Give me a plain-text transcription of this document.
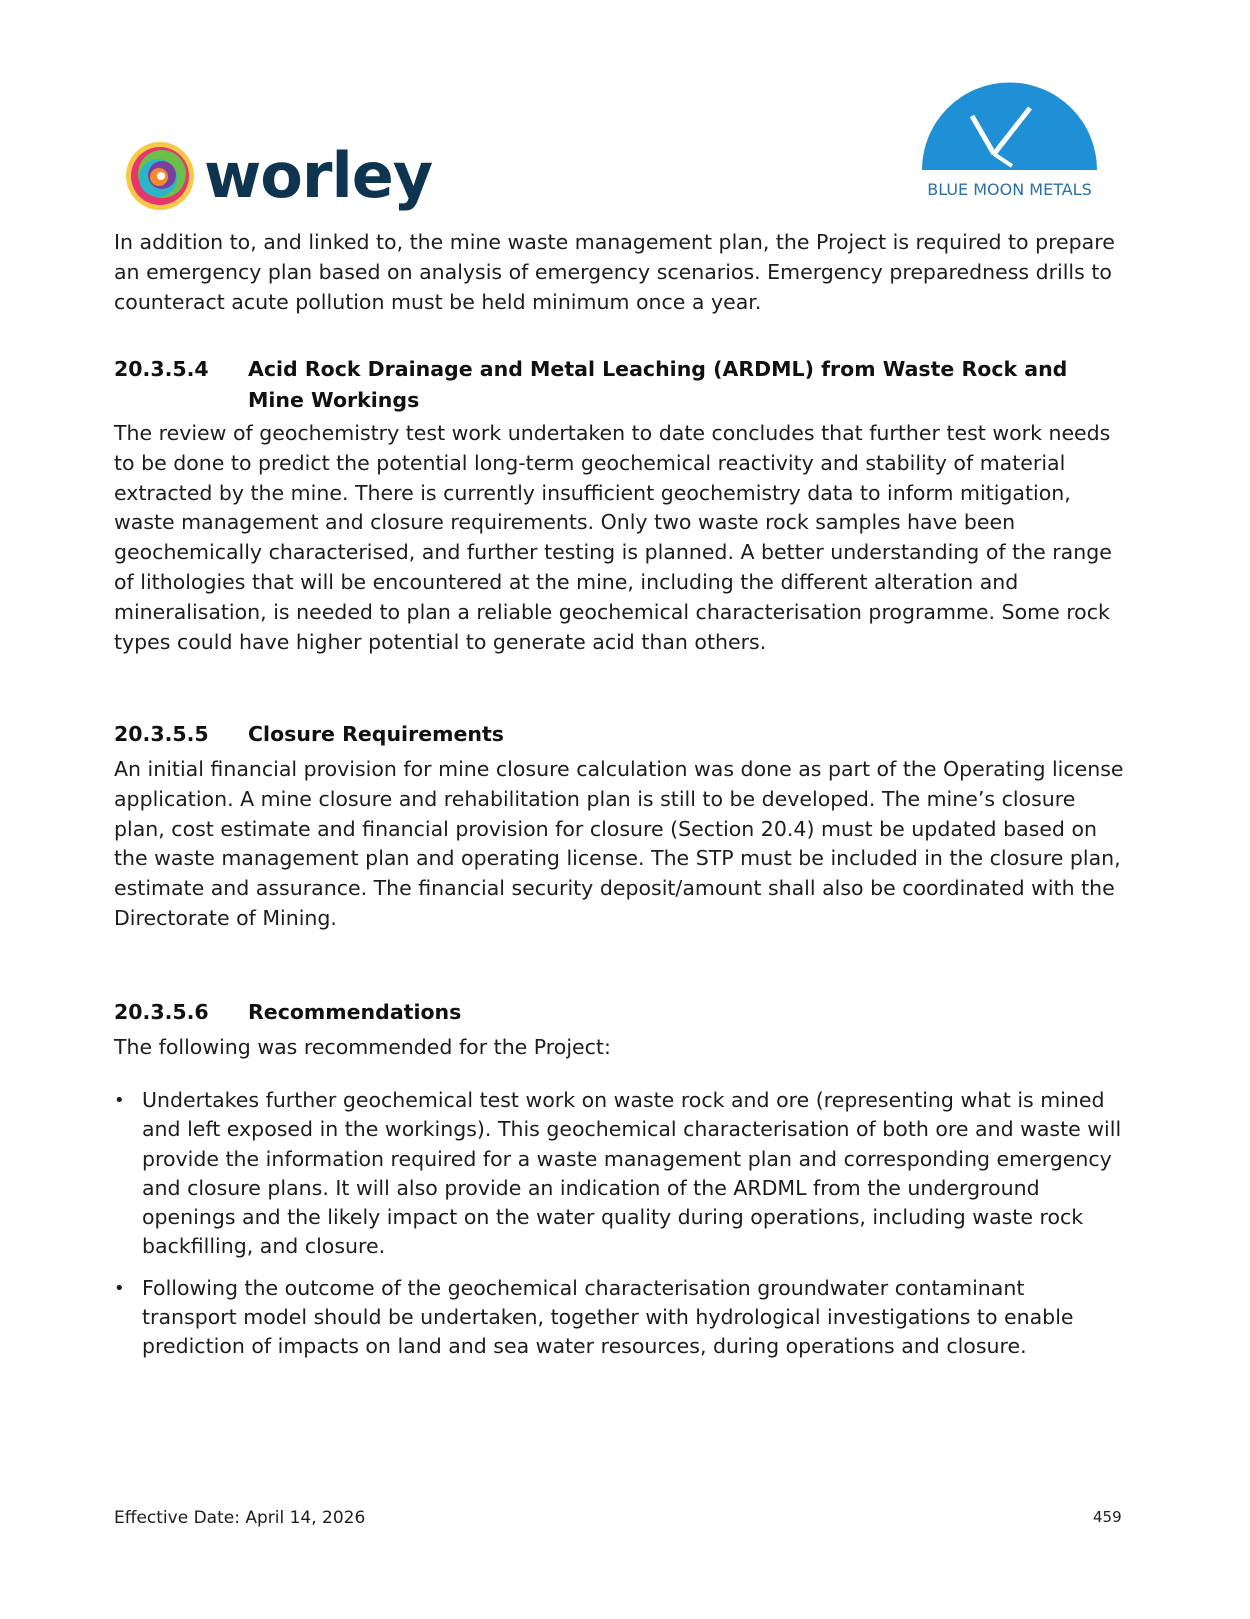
worley	BLUE MOON METALS

In addition to, and linked to, the mine waste management plan, the Project is required to prepare an emergency plan based on analysis of emergency scenarios. Emergency preparedness drills to counteract acute pollution must be held minimum once a year.

20.3.5.4	Acid Rock Drainage and Metal Leaching (ARDML) from Waste Rock and Mine Workings

The review of geochemistry test work undertaken to date concludes that further test work needs to be done to predict the potential long-term geochemical reactivity and stability of material extracted by the mine. There is currently insufficient geochemistry data to inform mitigation, waste management and closure requirements. Only two waste rock samples have been geochemically characterised, and further testing is planned. A better understanding of the range of lithologies that will be encountered at the mine, including the different alteration and mineralisation, is needed to plan a reliable geochemical characterisation programme. Some rock types could have higher potential to generate acid than others.

20.3.5.5	Closure Requirements

An initial financial provision for mine closure calculation was done as part of the Operating license application. A mine closure and rehabilitation plan is still to be developed. The mine’s closure plan, cost estimate and financial provision for closure (Section 20.4) must be updated based on the waste management plan and operating license. The STP must be included in the closure plan, estimate and assurance. The financial security deposit/amount shall also be coordinated with the Directorate of Mining.

20.3.5.6	Recommendations

The following was recommended for the Project:

• Undertakes further geochemical test work on waste rock and ore (representing what is mined and left exposed in the workings). This geochemical characterisation of both ore and waste will provide the information required for a waste management plan and corresponding emergency and closure plans. It will also provide an indication of the ARDML from the underground openings and the likely impact on the water quality during operations, including waste rock backfilling, and closure.
• Following the outcome of the geochemical characterisation groundwater contaminant transport model should be undertaken, together with hydrological investigations to enable prediction of impacts on land and sea water resources, during operations and closure.
Effective Date: April 14, 2026	459
